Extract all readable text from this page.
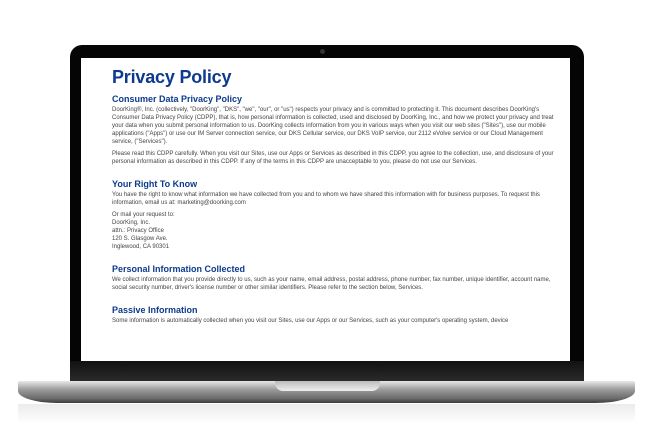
Privacy Policy
Consumer Data Privacy Policy

DoorKing®, Inc. (collectively, "DoorKing", "DKS", "we", "our", or "us") respects your privacy and is committed to protecting it. This document describes DoorKing's Consumer Data Privacy Policy (CDPP), that is, how personal information is collected, used and disclosed by DoorKing, Inc., and how we protect your privacy and treat your data when you submit personal information to us. DoorKing collects information from you in various ways when you visit our web sites ("Sites"), use our mobile applications ("Apps") or use our IM Server connection service, our DKS Cellular service, our DKS VoIP service, our 2112 eVolve service or our Cloud Management service, ("Services").

Please read this CDPP carefully. When you visit our Sites, use our Apps or Services as described in this CDPP, you agree to the collection, use, and disclosure of your personal information as described in this CDPP. If any of the terms in this CDPP are unacceptable to you, please do not use our Services.

Your Right To Know

You have the right to know what information we have collected from you and to whom we have shared this information with for business purposes. To request this information, email us at: marketing@doorking.com

Or mail your request to:
DoorKing, Inc.
attn.: Privacy Office
120 S. Glasgow Ave.
Inglewood, CA 90301

Personal Information Collected

We collect information that you provide directly to us, such as your name, email address, postal address, phone number, fax number, unique identifier, account name, social security number, driver's license number or other similar identifiers. Please refer to the section below, Services.

Passive Information

Some information is automatically collected when you visit our Sites, use our Apps or our Services, such as your computer's operating system, device
